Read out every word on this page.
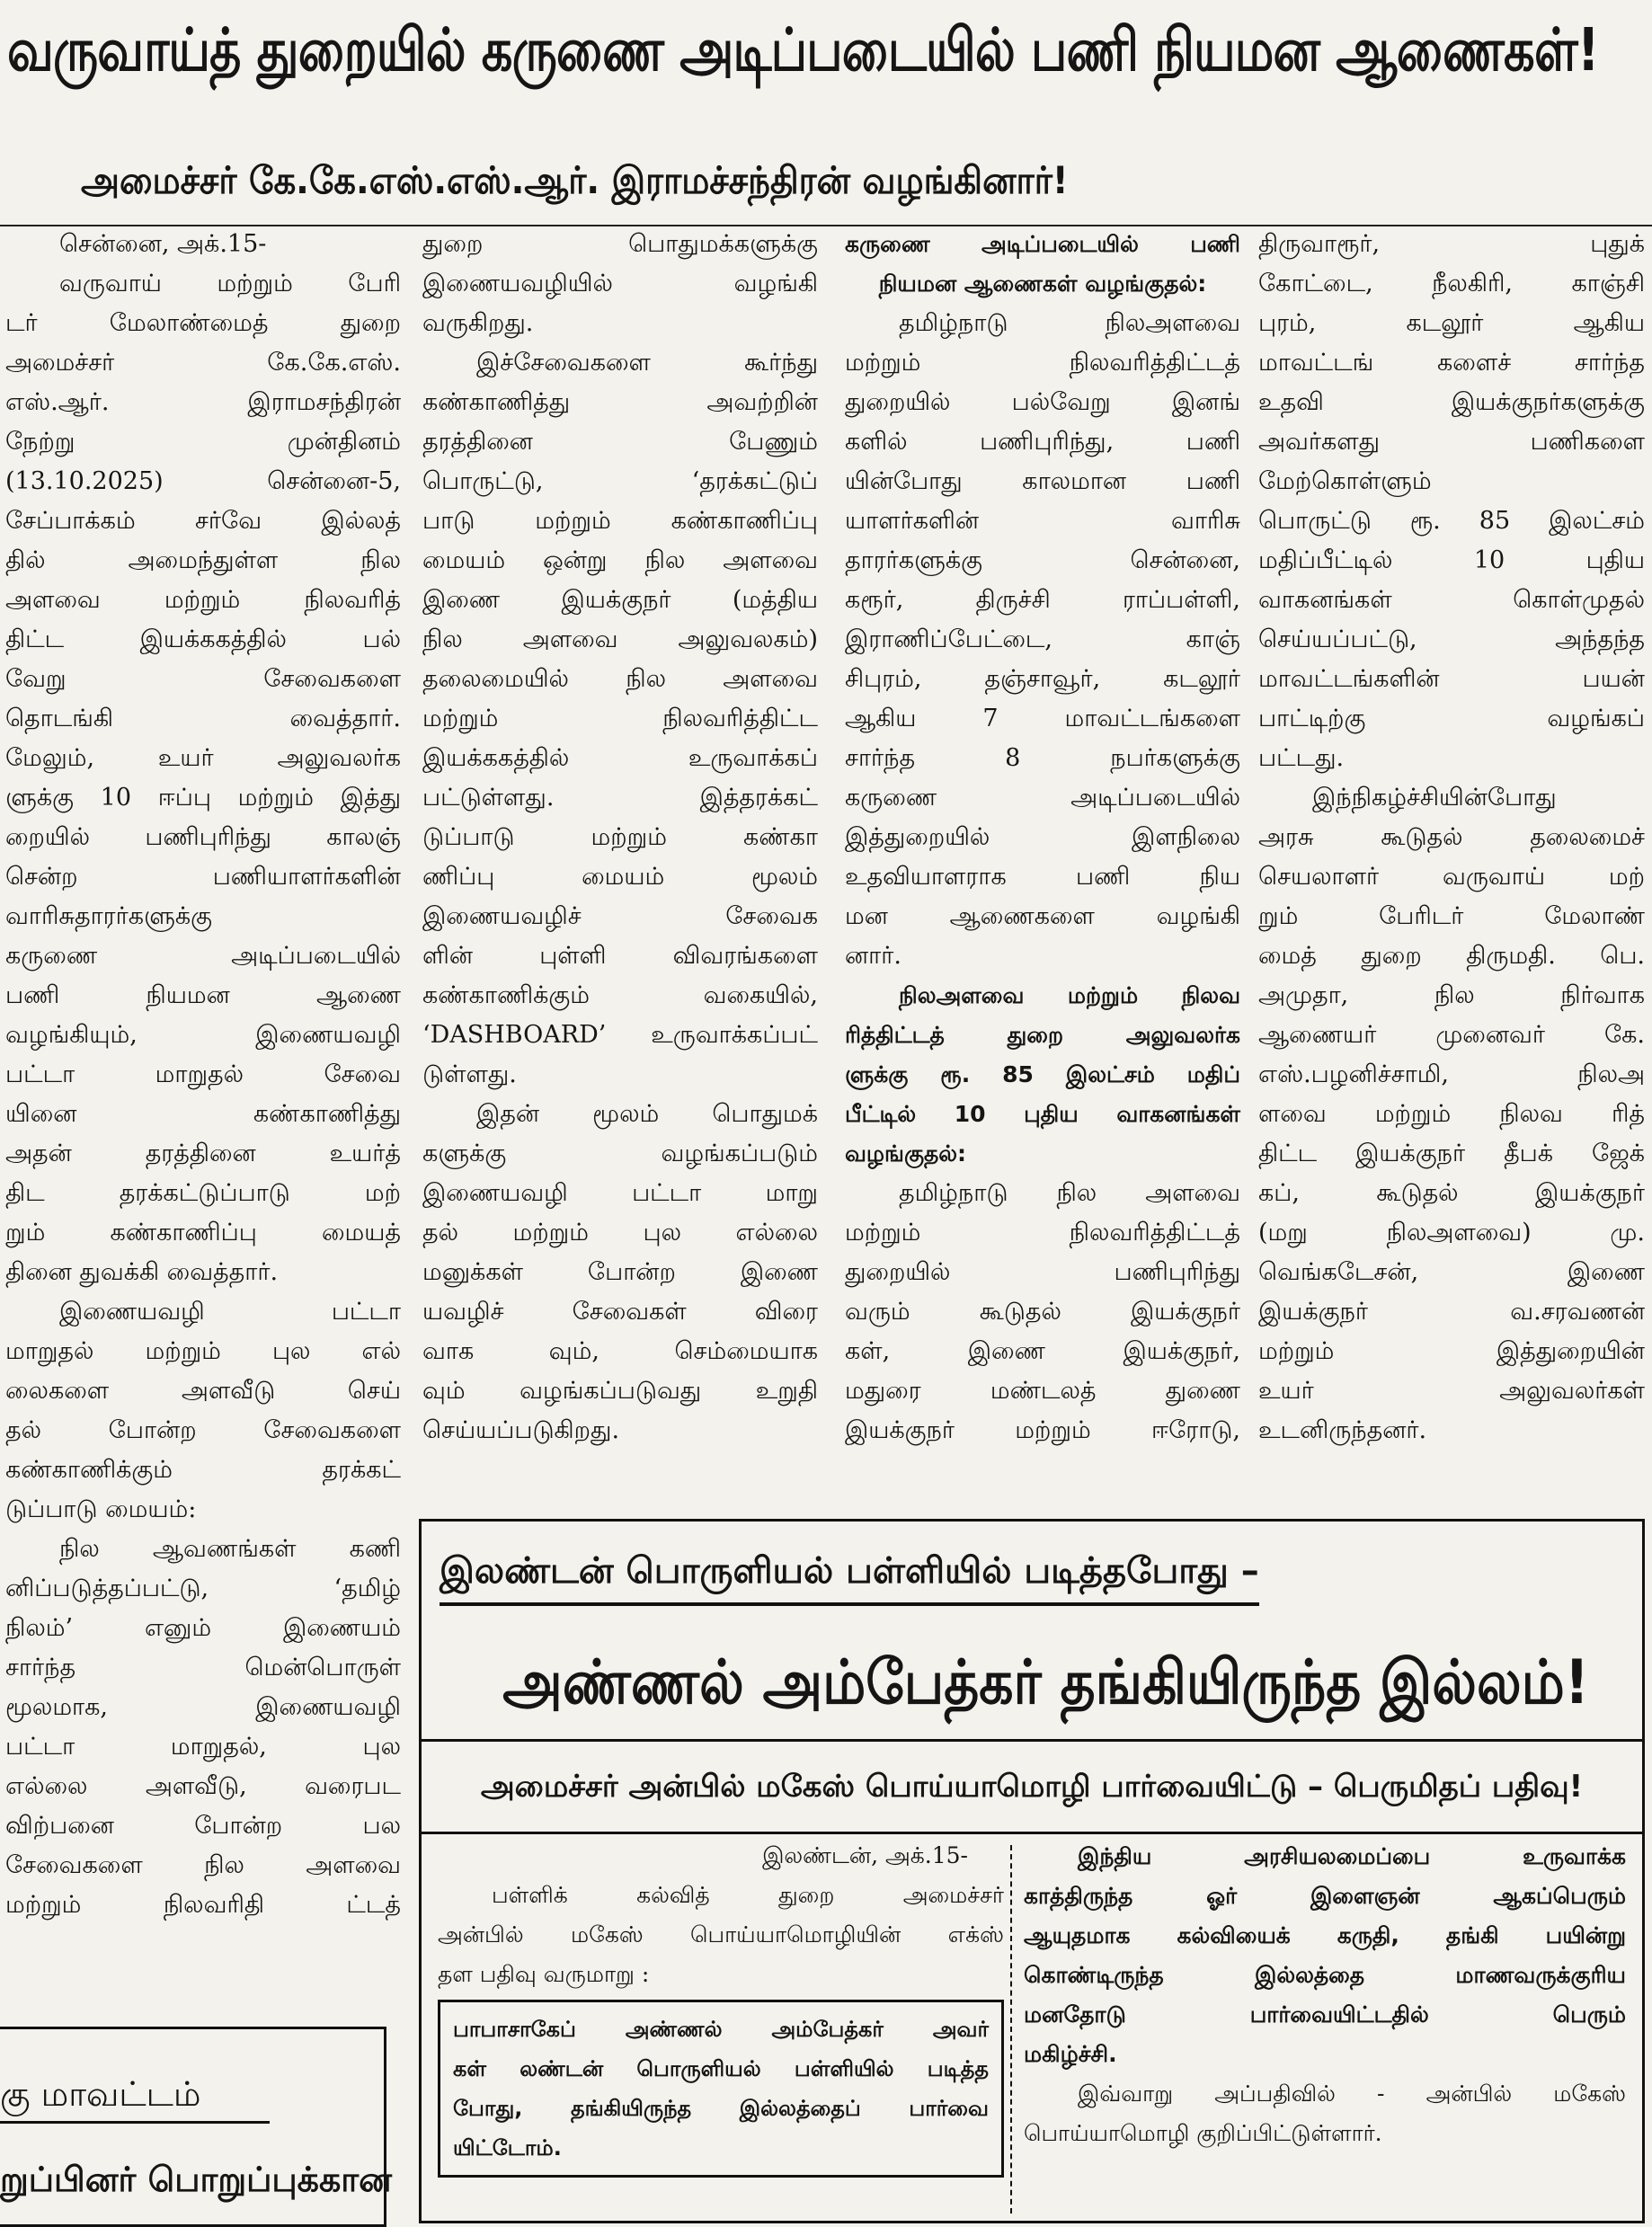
வருவாய்த் துறையில் கருணை அடிப்படையில் பணி நியமன ஆணைகள்!
அமைச்சர் கே.கே.எஸ்.எஸ்.ஆர். இராமச்சந்திரன் வழங்கினார்!
சென்னை, அக்.15-
வருவாய் மற்றும் பேரி
டர் மேலாண்மைத் துறை
அமைச்சர் கே.கே.எஸ்.
எஸ்.ஆர். இராமசந்திரன்
நேற்று முன்தினம்
(13.10.2025) சென்னை-5,
சேப்பாக்கம் சர்வே இல்லத்
தில் அமைந்துள்ள நில
அளவை மற்றும் நிலவரித்
திட்ட இயக்ககத்தில் பல்
வேறு சேவைகளை
தொடங்கி வைத்தார்.
மேலும், உயர் அலுவலர்க
ளுக்கு 10 ஈப்பு மற்றும் இத்து
றையில் பணிபுரிந்து காலஞ்
சென்ற பணியாளர்களின்
வாரிசுதாரர்களுக்கு
கருணை அடிப்படையில்
பணி நியமன ஆணை
வழங்கியும், இணையவழி
பட்டா மாறுதல் சேவை
யினை கண்காணித்து
அதன் தரத்தினை உயர்த்
திட தரக்கட்டுப்பாடு மற்
றும் கண்காணிப்பு மையத்
தினை துவக்கி வைத்தார்.
இணையவழி பட்டா
மாறுதல் மற்றும் புல எல்
லைகளை அளவீடு செய்
தல் போன்ற சேவைகளை
கண்காணிக்கும் தரக்கட்
டுப்பாடு மையம்:
நில ஆவணங்கள் கணி
னிப்படுத்தப்பட்டு, ‘தமிழ்
நிலம்’ எனும் இணையம்
சார்ந்த மென்பொருள்
மூலமாக, இணையவழி
பட்டா மாறுதல், புல
எல்லை அளவீடு, வரைபட
விற்பனை போன்ற பல
சேவைகளை நில அளவை
மற்றும் நிலவரிதி ட்டத்
துறை பொதுமக்களுக்கு
இணையவழியில் வழங்கி
வருகிறது.
இச்சேவைகளை கூர்ந்து
கண்காணித்து அவற்றின்
தரத்தினை பேணும்
பொருட்டு, ‘தரக்கட்டுப்
பாடு மற்றும் கண்காணிப்பு
மையம் ஒன்று நில அளவை
இணை இயக்குநர் (மத்திய
நில அளவை அலுவலகம்)
தலைமையில் நில அளவை
மற்றும் நிலவரித்திட்ட
இயக்ககத்தில் உருவாக்கப்
பட்டுள்ளது. இத்தரக்கட்
டுப்பாடு மற்றும் கண்கா
ணிப்பு மையம் மூலம்
இணையவழிச் சேவைக
ளின் புள்ளி விவரங்களை
கண்காணிக்கும் வகையில்,
‘DASHBOARD’ உருவாக்கப்பட்
டுள்ளது.
இதன் மூலம் பொதுமக்
களுக்கு வழங்கப்படும்
இணையவழி பட்டா மாறு
தல் மற்றும் புல எல்லை
மனுக்கள் போன்ற இணை
யவழிச் சேவைகள் விரை
வாக வும், செம்மையாக
வும் வழங்கப்படுவது உறுதி
செய்யப்படுகிறது.
கருணை அடிப்படையில் பணி
நியமன ஆணைகள் வழங்குதல்:
தமிழ்நாடு நிலஅளவை
மற்றும் நிலவரித்திட்டத்
துறையில் பல்வேறு இனங்
களில் பணிபுரிந்து, பணி
யின்போது காலமான பணி
யாளர்களின் வாரிசு
தாரர்களுக்கு சென்னை,
கரூர், திருச்சி ராப்பள்ளி,
இராணிப்பேட்டை, காஞ்
சிபுரம், தஞ்சாவூர், கடலூர்
ஆகிய 7 மாவட்டங்களை
சார்ந்த 8 நபர்களுக்கு
கருணை அடிப்படையில்
இத்துறையில் இளநிலை
உதவியாளராக பணி நிய
மன ஆணைகளை வழங்கி
னார்.
நிலஅளவை மற்றும் நிலவ
ரித்திட்டத் துறை அலுவலர்க
ளுக்கு ரூ. 85 இலட்சம் மதிப்
பீட்டில் 10 புதிய வாகனங்கள்
வழங்குதல்:
தமிழ்நாடு நில அளவை
மற்றும் நிலவரித்திட்டத்
துறையில் பணிபுரிந்து
வரும் கூடுதல் இயக்குநர்
கள், இணை இயக்குநர்,
மதுரை மண்டலத் துணை
இயக்குநர் மற்றும் ஈரோடு,
திருவாரூர், புதுக்
கோட்டை, நீலகிரி, காஞ்சி
புரம், கடலூர் ஆகிய
மாவட்டங் களைச் சார்ந்த
உதவி இயக்குநர்களுக்கு
அவர்களது பணிகளை
மேற்கொள்ளும்
பொருட்டு ரூ. 85 இலட்சம்
மதிப்பீட்டில் 10 புதிய
வாகனங்கள் கொள்முதல்
செய்யப்பட்டு, அந்தந்த
மாவட்டங்களின் பயன்
பாட்டிற்கு வழங்கப்
பட்டது.
இந்நிகழ்ச்சியின்போது
அரசு கூடுதல் தலைமைச்
செயலாளர் வருவாய் மற்
றும் பேரிடர் மேலாண்
மைத் துறை திருமதி. பெ.
அமுதா, நில நிர்வாக
ஆணையர் முனைவர் கே.
எஸ்.பழனிச்சாமி, நிலஅ
ளவை மற்றும் நிலவ ரித்
திட்ட இயக்குநர் தீபக் ஜேக்
கப், கூடுதல் இயக்குநர்
(மறு நிலஅளவை) மு.
வெங்கடேசன், இணை
இயக்குநர் வ.சரவணன்
மற்றும் இத்துறையின்
உயர் அலுவலர்கள்
உடனிருந்தனர்.
கு மாவட்டம்
றுப்பினர் பொறுப்புக்கான
இலண்டன் பொருளியல் பள்ளியில் படித்தபோது –
அண்ணல் அம்பேத்கர் தங்கியிருந்த இல்லம்!
அமைச்சர் அன்பில் மகேஸ் பொய்யாமொழி பார்வையிட்டு – பெருமிதப் பதிவு!
இலண்டன், அக்.15-
பள்ளிக் கல்வித் துறை அமைச்சர்
அன்பில் மகேஸ் பொய்யாமொழியின் எக்ஸ்
தள பதிவு வருமாறு :
பாபாசாகேப் அண்ணல் அம்பேத்கர் அவர்
கள் லண்டன் பொருளியல் பள்ளியில் படித்த
போது, தங்கியிருந்த இல்லத்தைப் பார்வை
யிட்டோம்.
இந்திய அரசியலமைப்பை உருவாக்க
காத்திருந்த ஓர் இளைஞன் ஆகப்பெரும்
ஆயுதமாக கல்வியைக் கருதி, தங்கி பயின்று
கொண்டிருந்த இல்லத்தை மாணவருக்குரிய
மனதோடு பார்வையிட்டதில் பெரும்
மகிழ்ச்சி.
இவ்வாறு அப்பதிவில் - அன்பில் மகேஸ்
பொய்யாமொழி குறிப்பிட்டுள்ளார்.
